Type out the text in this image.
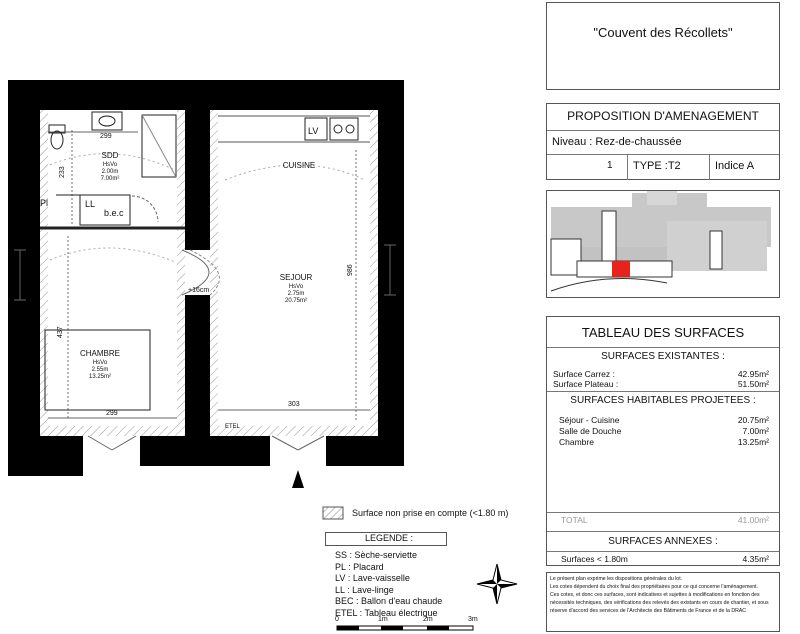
299
233
437
299
986
303
SDD
HsVo
2.00m
7.00m²
CUISINE
SEJOUR
HsVo
2.75m
20.75m²
CHAMBRE
HsVo
2.55m
13.25m²
LV
Pl	LL
b.e.c
ETEL
+16cm
Surface non prise en compte (<1.80 m)
LEGENDE :
SS : Sèche-serviette
PL : Placard
LV : Lave-vaisselle
LL : Lave-linge
BEC : Ballon d'eau chaude
ETEL : Tableau électrique
0	1m	2m	3m
"Couvent des Récollets"
PROPOSITION D'AMENAGEMENT
Niveau : Rez-de-chaussée
1 TYPE :T2	Indice A
TABLEAU DES SURFACES
SURFACES EXISTANTES :
Surface Carrez :	42.95m²
Surface Plateau :	51.50m²
SURFACES HABITABLES PROJETEES :
Séjour - Cuisine	20.75m²
Salle de Douche	7.00m²
Chambre	13.25m²
TOTAL	41.00m²
SURFACES ANNEXES :
Surfaces < 1.80m	4.35m²
Le présent plan exprime les dispositions générales du lot.
Les cotes dépendent du choix final des propriétaires pour ce qui concerne l'aménagement.
Ces cotes, et donc ces surfaces, sont indicatives et sujettes à modifications en fonction des
nécessités techniques, des vérifications des relevés des existants en cours de chantier, et sous
réserve d'accord des services de l'Architecte des Bâtiments de France et de la DRAC
